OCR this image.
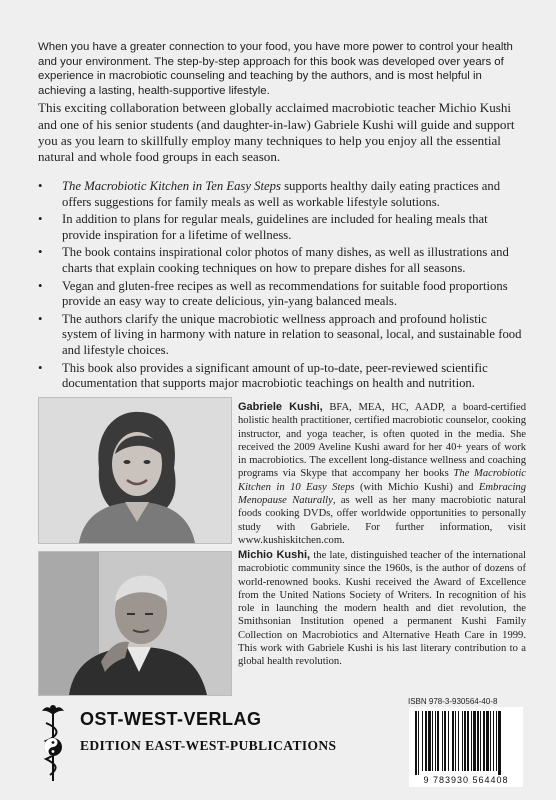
When you have a greater connection to your food, you have more power to control your health and your environment. The step-by-step approach for this book was developed over years of experience in macrobiotic counseling and teaching by the authors, and is most helpful in achieving a lasting, health-supportive lifestyle.

This exciting collaboration between globally acclaimed macrobiotic teacher Michio Kushi and one of his senior students (and daughter-in-law) Gabriele Kushi will guide and support you as you learn to skillfully employ many techniques to help you enjoy all the essential natural and whole food groups in each season.

• The Macrobiotic Kitchen in Ten Easy Steps supports healthy daily eating practices and offers suggestions for family meals as well as workable lifestyle solutions.
• In addition to plans for regular meals, guidelines are included for healing meals that provide inspiration for a lifetime of wellness.
• The book contains inspirational color photos of many dishes, as well as illustrations and charts that explain cooking techniques on how to prepare dishes for all seasons.
• Vegan and gluten-free recipes as well as recommendations for suitable food proportions provide an easy way to create delicious, yin-yang balanced meals.
• The authors clarify the unique macrobiotic wellness approach and profound holistic system of living in harmony with nature in relation to seasonal, local, and sustainable food and lifestyle choices.
• This book also provides a significant amount of up-to-date, peer-reviewed scientific documentation that supports major macrobiotic teachings on health and nutrition.
Gabriele Kushi, BFA, MEA, HC, AADP, a board-certified holistic health practitioner, certified macrobiotic counselor, cooking instructor, and yoga teacher, is often quoted in the media. She received the 2009 Aveline Kushi award for her 40+ years of work in macrobiotics. The excellent long-distance wellness and coaching programs via Skype that accompany her books The Macrobiotic Kitchen in 10 Easy Steps (with Michio Kushi) and Embracing Menopause Naturally, as well as her many macrobiotic natural foods cooking DVDs, offer worldwide opportunities to personally study with Gabriele. For further information, visit www.kushiskitchen.com.
Michio Kushi, the late, distinguished teacher of the international macrobiotic community since the 1960s, is the author of dozens of world-renowned books. Kushi received the Award of Excellence from the United Nations Society of Writers. In recognition of his role in launching the modern health and diet revolution, the Smithsonian Institution opened a permanent Kushi Family Collection on Macrobiotics and Alternative Heath Care in 1999. This work with Gabriele Kushi is his last literary contribution to a global health revolution.
OST-WEST-VERLAG
EDITION EAST-WEST-PUBLICATIONS
ISBN 978-3-930564-40-8
9 783930 564408
